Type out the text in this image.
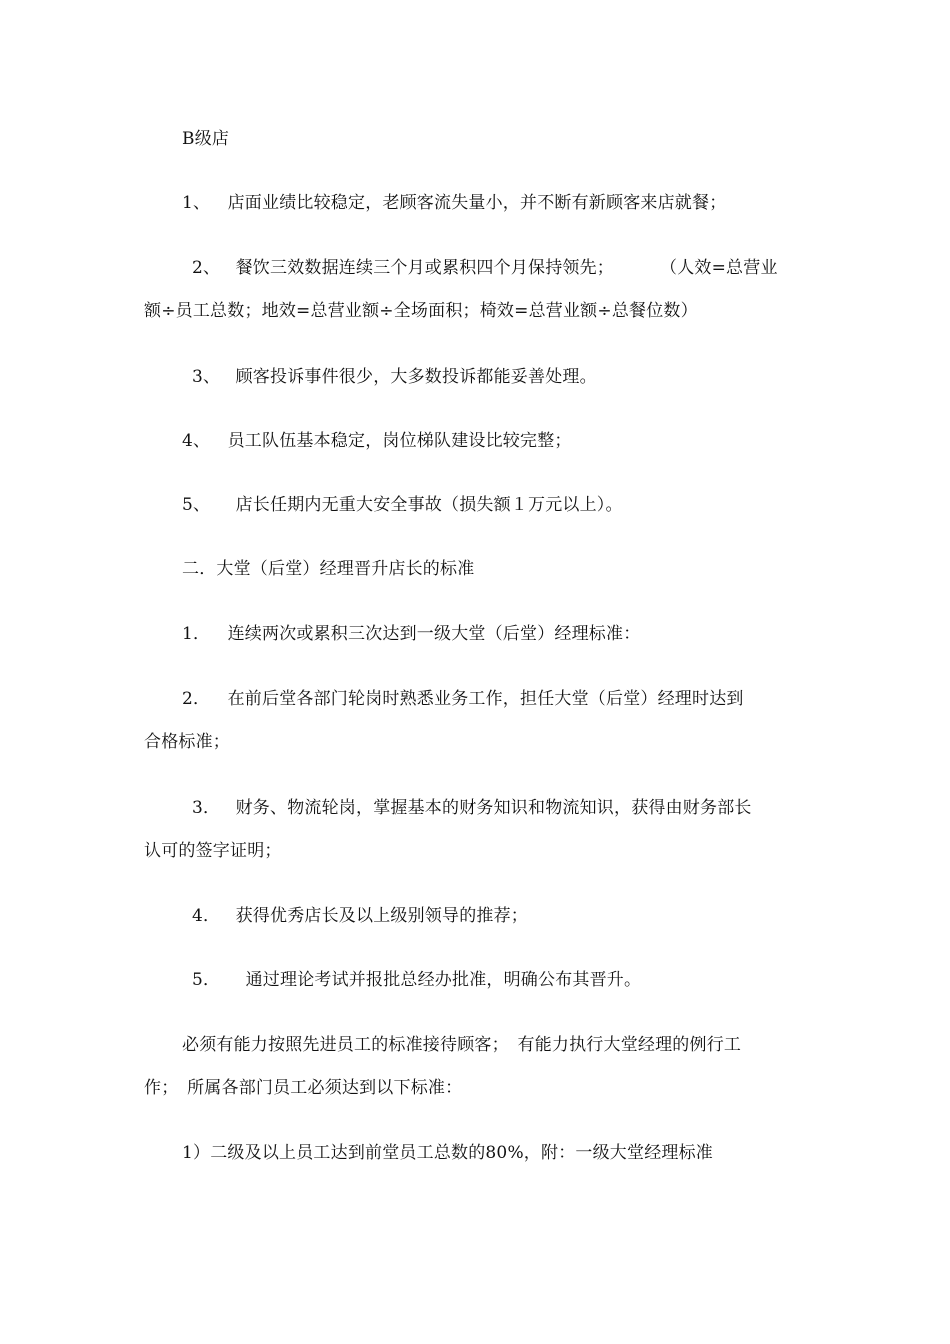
B级店
1、 店面业绩比较稳定，老顾客流失量小，并不断有新顾客来店就餐；
2、 餐饮三效数据连续三个月或累积四个月保持领先；	（人效=总营业
额÷员工总数；地效=总营业额÷全场面积；椅效=总营业额÷总餐位数）
3、 顾客投诉事件很少，大多数投诉都能妥善处理。
4、 员工队伍基本稳定，岗位梯队建设比较完整；
5、 店长任期内无重大安全事故（损失额１万元以上）。
二．大堂（后堂）经理晋升店长的标准
1． 连续两次或累积三次达到一级大堂（后堂）经理标准：
2． 在前后堂各部门轮岗时熟悉业务工作，担任大堂（后堂）经理时达到
合格标准；
3． 财务、物流轮岗，掌握基本的财务知识和物流知识，获得由财务部长
认可的签字证明；
4． 获得优秀店长及以上级别领导的推荐；
5． 通过理论考试并报批总经办批准，明确公布其晋升。
必须有能力按照先进员工的标准接待顾客；　有能力执行大堂经理的例行工
作；　所属各部门员工必须达到以下标准：
1）二级及以上员工达到前堂员工总数的80%，附：一级大堂经理标准
